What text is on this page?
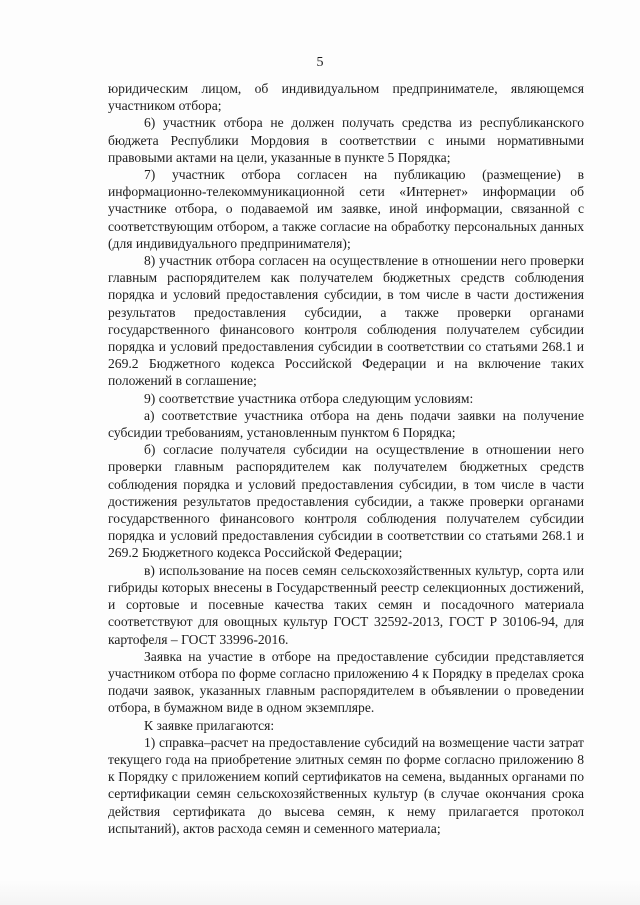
5

юридическим лицом, об индивидуальном предпринимателе, являющемся участником отбора;

6) участник отбора не должен получать средства из республиканского бюджета Республики Мордовия в соответствии с иными нормативными правовыми актами на цели, указанные в пункте 5 Порядка;

7) участник отбора согласен на публикацию (размещение) в информационно-телекоммуникационной сети «Интернет» информации об участнике отбора, о подаваемой им заявке, иной информации, связанной с соответствующим отбором, а также согласие на обработку персональных данных (для индивидуального предпринимателя);

8) участник отбора согласен на осуществление в отношении него проверки главным распорядителем как получателем бюджетных средств соблюдения порядка и условий предоставления субсидии, в том числе в части достижения результатов предоставления субсидии, а также проверки органами государственного финансового контроля соблюдения получателем субсидии порядка и условий предоставления субсидии в соответствии со статьями 268.1 и 269.2 Бюджетного кодекса Российской Федерации и на включение таких положений в соглашение;

9) соответствие участника отбора следующим условиям:

а) соответствие участника отбора на день подачи заявки на получение субсидии требованиям, установленным пунктом 6 Порядка;

б) согласие получателя субсидии на осуществление в отношении него проверки главным распорядителем как получателем бюджетных средств соблюдения порядка и условий предоставления субсидии, в том числе в части достижения результатов предоставления субсидии, а также проверки органами государственного финансового контроля соблюдения получателем субсидии порядка и условий предоставления субсидии в соответствии со статьями 268.1 и 269.2 Бюджетного кодекса Российской Федерации;

в) использование на посев семян сельскохозяйственных культур, сорта или гибриды которых внесены в Государственный реестр селекционных достижений, и сортовые и посевные качества таких семян и посадочного материала соответствуют для овощных культур ГОСТ 32592-2013, ГОСТ Р 30106-94, для картофеля – ГОСТ 33996-2016.

Заявка на участие в отборе на предоставление субсидии представляется участником отбора по форме согласно приложению 4 к Порядку в пределах срока подачи заявок, указанных главным распорядителем в объявлении о проведении отбора, в бумажном виде в одном экземпляре.

К заявке прилагаются:

1) справка–расчет на предоставление субсидий на возмещение части затрат текущего года на приобретение элитных семян по форме согласно приложению 8 к Порядку с приложением копий сертификатов на семена, выданных органами по сертификации семян сельскохозяйственных культур (в случае окончания срока действия сертификата до высева семян, к нему прилагается протокол испытаний), актов расхода семян и семенного материала;
